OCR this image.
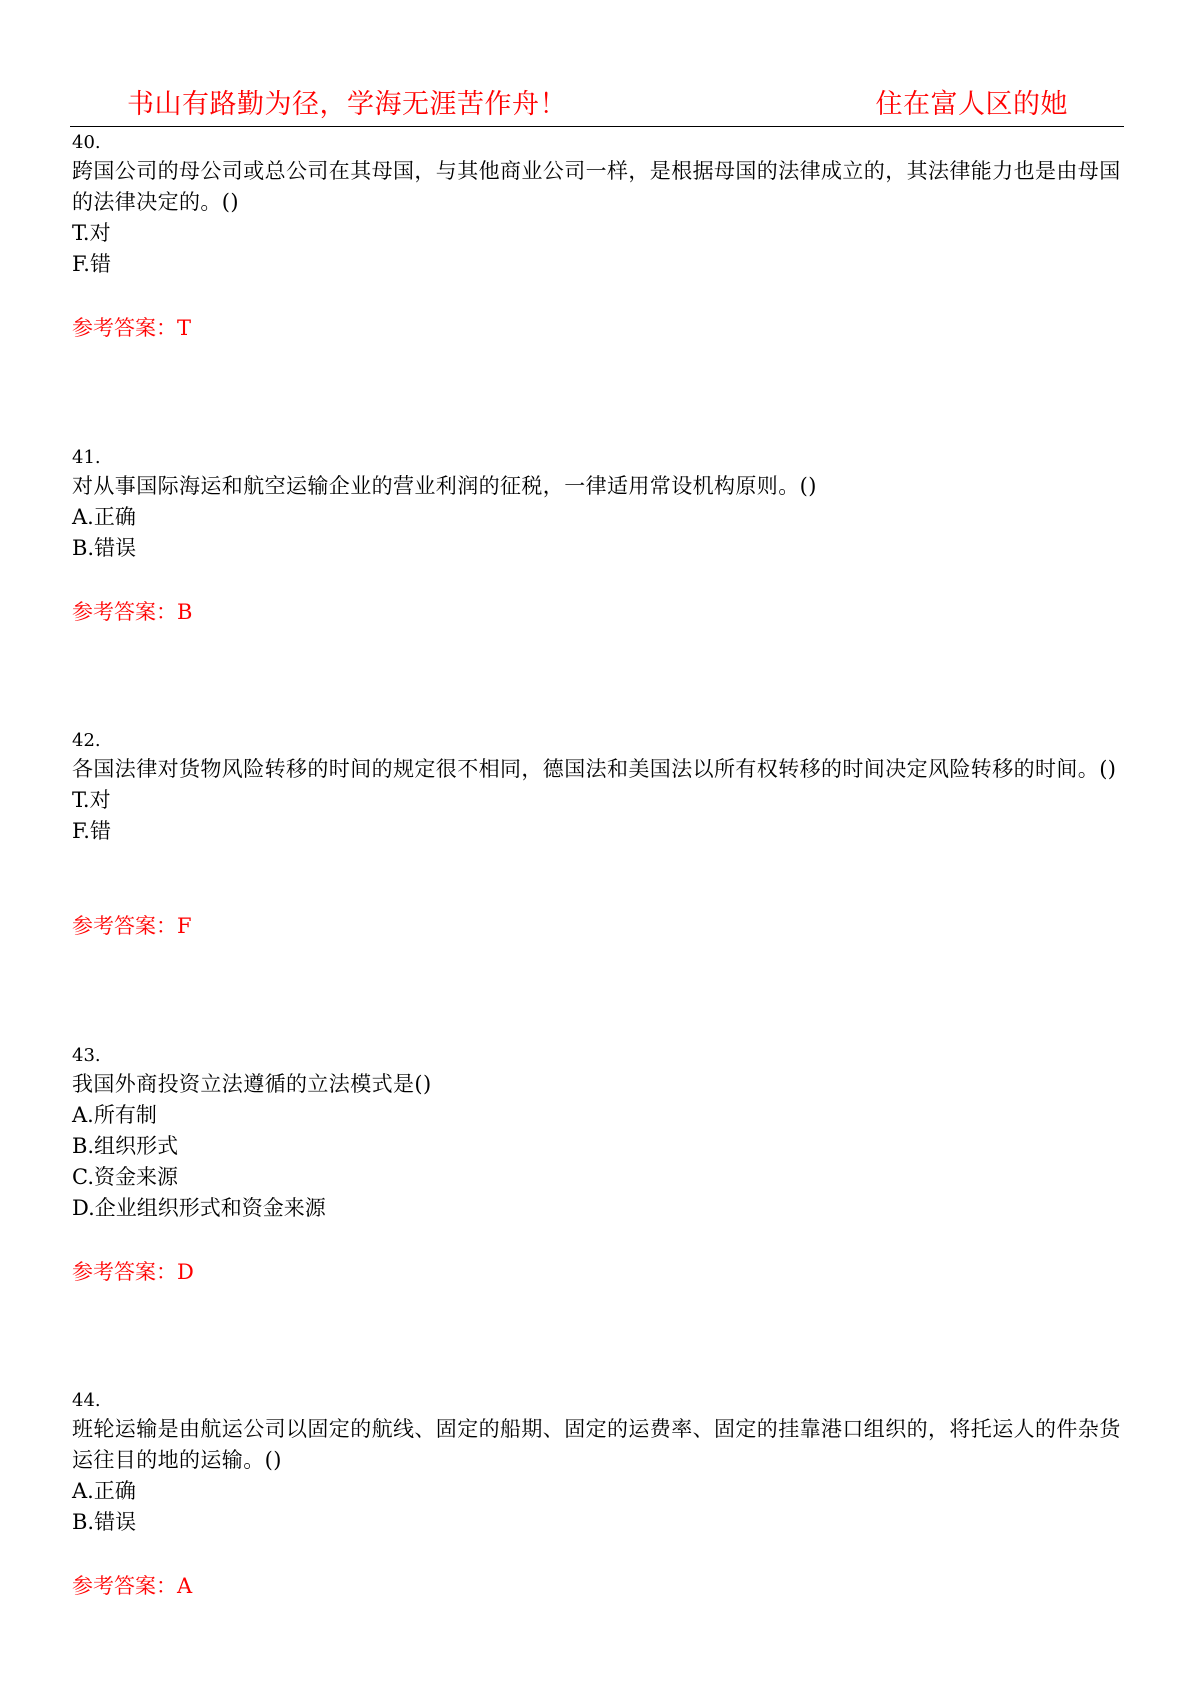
书山有路勤为径，学海无涯苦作舟！	住在富人区的她
40.
跨国公司的母公司或总公司在其母国，与其他商业公司一样，是根据母国的法律成立的，其法律能力也是由母国的法律决定的。()
T.对
F.错
参考答案：T
41.
对从事国际海运和航空运输企业的营业利润的征税，一律适用常设机构原则。()
A.正确
B.错误
参考答案：B
42.
各国法律对货物风险转移的时间的规定很不相同，德国法和美国法以所有权转移的时间决定风险转移的时间。()
T.对
F.错
参考答案：F
43.
我国外商投资立法遵循的立法模式是()
A.所有制
B.组织形式
C.资金来源
D.企业组织形式和资金来源
参考答案：D
44.
班轮运输是由航运公司以固定的航线、固定的船期、固定的运费率、固定的挂靠港口组织的，将托运人的件杂货运往目的地的运输。()
A.正确
B.错误
参考答案：A
